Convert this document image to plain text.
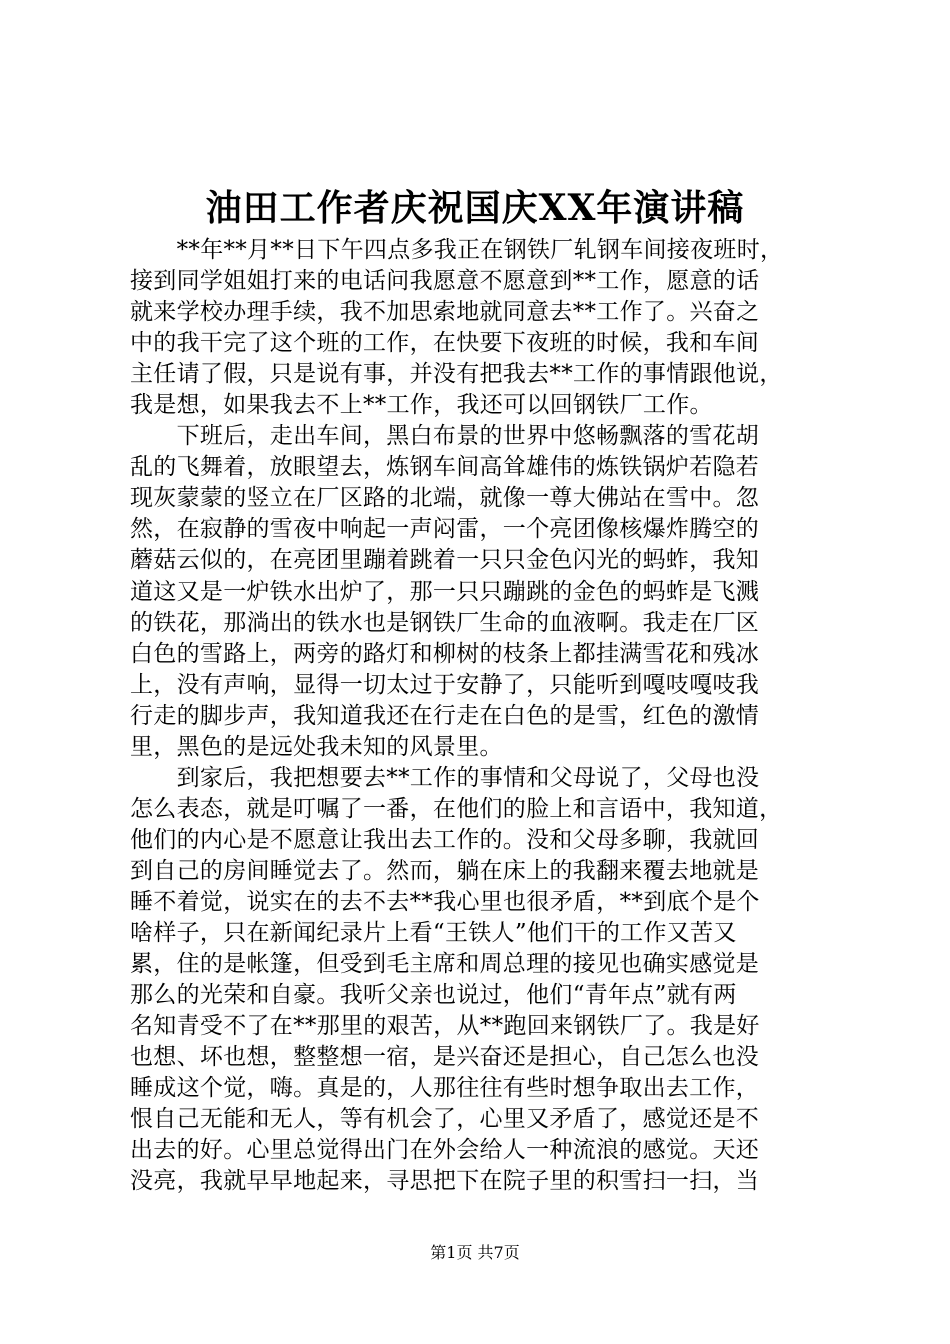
油田工作者庆祝国庆XX年演讲稿
　　**年**月**日下午四点多我正在钢铁厂轧钢车间接夜班时，
接到同学姐姐打来的电话问我愿意不愿意到**工作，愿意的话
就来学校办理手续，我不加思索地就同意去**工作了。兴奋之
中的我干完了这个班的工作，在快要下夜班的时候，我和车间
主任请了假，只是说有事，并没有把我去**工作的事情跟他说，
我是想，如果我去不上**工作，我还可以回钢铁厂工作。
　　下班后，走出车间，黑白布景的世界中悠畅飘落的雪花胡
乱的飞舞着，放眼望去，炼钢车间高耸雄伟的炼铁锅炉若隐若
现灰蒙蒙的竖立在厂区路的北端，就像一尊大佛站在雪中。忽
然，在寂静的雪夜中响起一声闷雷，一个亮团像核爆炸腾空的
蘑菇云似的，在亮团里蹦着跳着一只只金色闪光的蚂蚱，我知
道这又是一炉铁水出炉了，那一只只蹦跳的金色的蚂蚱是飞溅
的铁花，那淌出的铁水也是钢铁厂生命的血液啊。我走在厂区
白色的雪路上，两旁的路灯和柳树的枝条上都挂满雪花和残冰
上，没有声响，显得一切太过于安静了，只能听到嘎吱嘎吱我
行走的脚步声，我知道我还在行走在白色的是雪，红色的激情
里，黑色的是远处我未知的风景里。
　　到家后，我把想要去**工作的事情和父母说了，父母也没
怎么表态，就是叮嘱了一番，在他们的脸上和言语中，我知道，
他们的内心是不愿意让我出去工作的。没和父母多聊，我就回
到自己的房间睡觉去了。然而，躺在床上的我翻来覆去地就是
睡不着觉，说实在的去不去**我心里也很矛盾，**到底个是个
啥样子，只在新闻纪录片上看“王铁人”他们干的工作又苦又
累，住的是帐篷，但受到毛主席和周总理的接见也确实感觉是
那么的光荣和自豪。我听父亲也说过，他们“青年点”就有两
名知青受不了在**那里的艰苦，从**跑回来钢铁厂了。我是好
也想、坏也想，整整想一宿，是兴奋还是担心，自己怎么也没
睡成这个觉，嗨。真是的，人那往往有些时想争取出去工作，
恨自己无能和无人，等有机会了，心里又矛盾了，感觉还是不
出去的好。心里总觉得出门在外会给人一种流浪的感觉。天还
没亮，我就早早地起来，寻思把下在院子里的积雪扫一扫，当
第1页 共7页
